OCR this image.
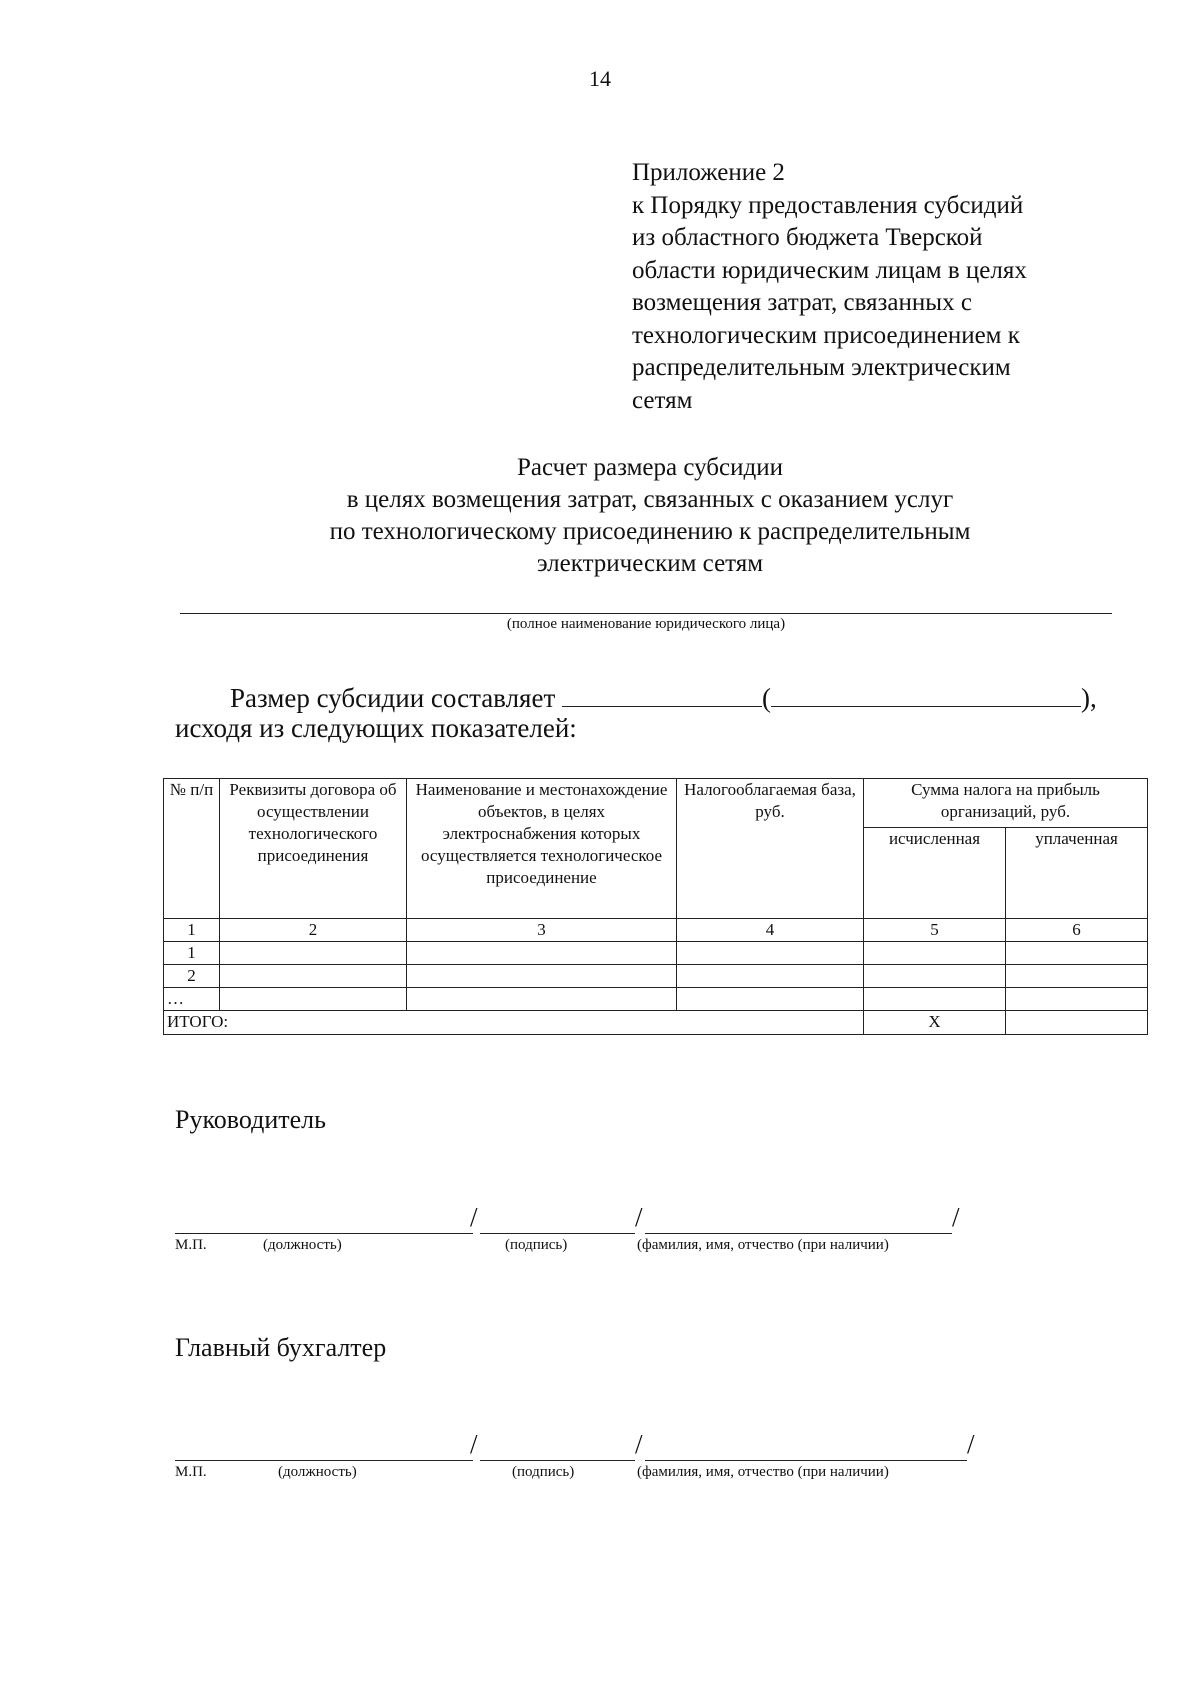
14
Приложение 2
к Порядку предоставления субсидий
из областного бюджета Тверской
области юридическим лицам в целях
возмещения затрат, связанных с
технологическим присоединением к
распределительным электрическим
сетям
Расчет размера субсидии
в целях возмещения затрат, связанных с оказанием услуг
по технологическому присоединению к распределительным
электрическим сетям
(полное наименование юридического лица)
Размер субсидии составляет	(	),
исходя из следующих показателей:
№ п/п	Реквизиты договора об осуществлении технологического присоединения	Наименование и местонахождение объектов, в целях электроснабжения которых осуществляется технологическое присоединение	Налогооблагаемая база, руб.	Сумма налога на прибыль организаций, руб.	
				исчисленная	уплаченная
1	2	3	4	5	6
1					
2					
…					
ИТОГО:				Х	
Руководитель
/	/	/
М.П.	(должность)	(подпись)	(фамилия, имя, отчество (при наличии)
Главный бухгалтер
/	/	/
М.П.	(должность)	(подпись)	(фамилия, имя, отчество (при наличии)
